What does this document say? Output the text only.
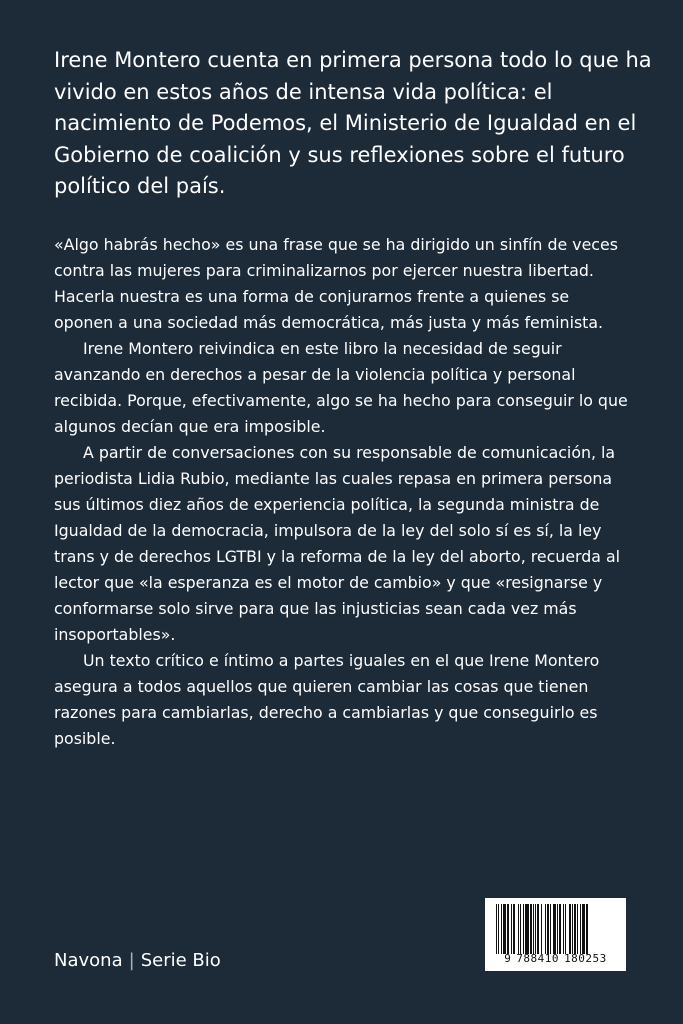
Irene Montero cuenta en primera persona todo lo que ha vivido en estos años de intensa vida política: el nacimiento de Podemos, el Ministerio de Igualdad en el Gobierno de coalición y sus reflexiones sobre el futuro político del país.

«Algo habrás hecho» es una frase que se ha dirigido un sinfín de veces contra las mujeres para criminalizarnos por ejercer nuestra libertad. Hacerla nuestra es una forma de conjurarnos frente a quienes se oponen a una sociedad más democrática, más justa y más feminista.

Irene Montero reivindica en este libro la necesidad de seguir avanzando en derechos a pesar de la violencia política y personal recibida. Porque, efectivamente, algo se ha hecho para conseguir lo que algunos decían que era imposible.

A partir de conversaciones con su responsable de comunicación, la periodista Lidia Rubio, mediante las cuales repasa en primera persona sus últimos diez años de experiencia política, la segunda ministra de Igualdad de la democracia, impulsora de la ley del solo sí es sí, la ley trans y de derechos LGTBI y la reforma de la ley del aborto, recuerda al lector que «la esperanza es el motor de cambio» y que «resignarse y conformarse solo sirve para que las injusticias sean cada vez más insoportables».

Un texto crítico e íntimo a partes iguales en el que Irene Montero asegura a todos aquellos que quieren cambiar las cosas que tienen razones para cambiarlas, derecho a cambiarlas y que conseguirlo es posible.

Navona | Serie Bio	9 788410 180253
